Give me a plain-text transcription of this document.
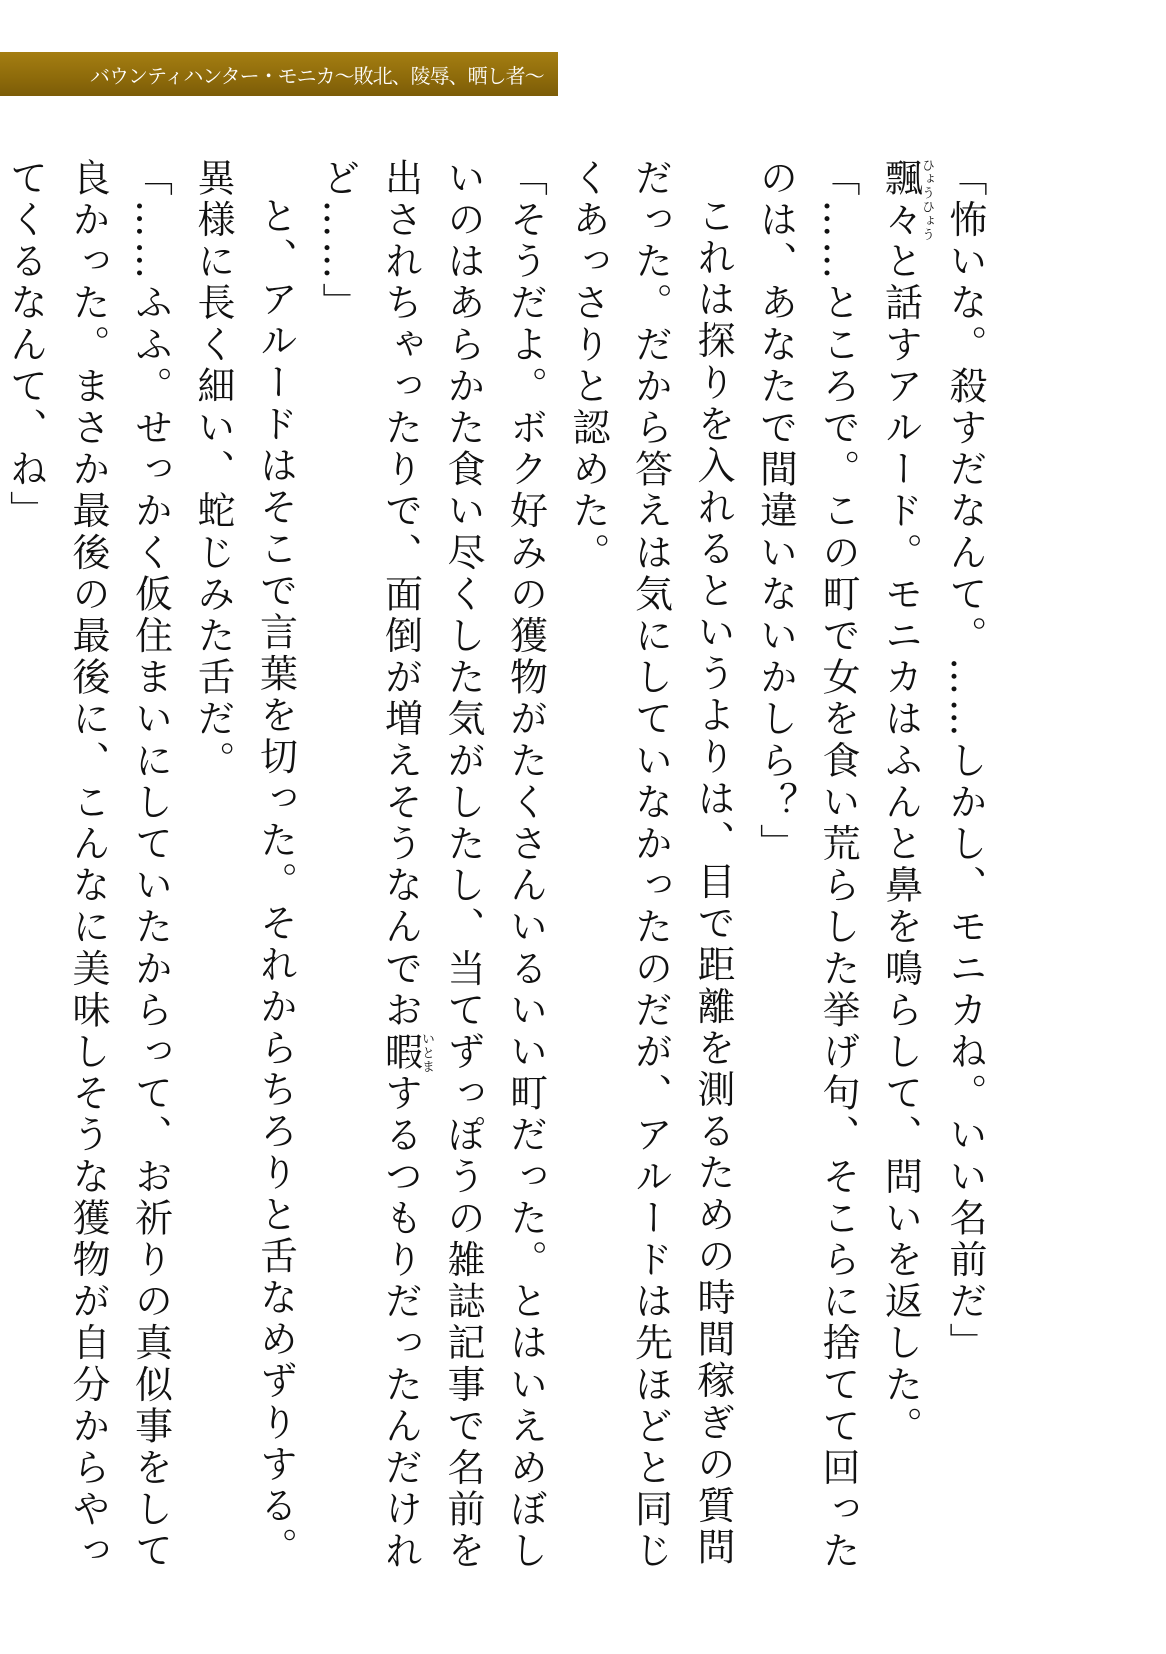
バウンティハンター・モニカ〜敗北、陵辱、晒し者〜

「怖いな。殺すだなんて。……しかし、モニカね。いい名前だ」

飄々ひょうひょうと話すアルード。モニカはふんと鼻を鳴らして、問いを返した。

「……ところで。この町で女を食い荒らした挙げ句、そこらに捨てて回ったのは、あなたで間違いないかしら？」

これは探りを入れるというよりは、目で距離を測るための時間稼ぎの質問だった。だから答えは気にしていなかったのだが、アルードは先ほどと同じくあっさりと認めた。

「そうだよ。ボク好みの獲物がたくさんいるいい町だった。とはいえめぼしいのはあらかた食い尽くした気がしたし、当てずっぽうの雑誌記事で名前を出されちゃったりで、面倒が増えそうなんでお暇いとまするつもりだったんだけれど……」

と、アルードはそこで言葉を切った。それからちろりと舌なめずりする。異様に長く細い、蛇じみた舌だ。

「……ふふ。せっかく仮住まいにしていたからって、お祈りの真似事をして良かった。まさか最後の最後に、こんなに美味しそうな獲物が自分からやってくるなんて、ね」
